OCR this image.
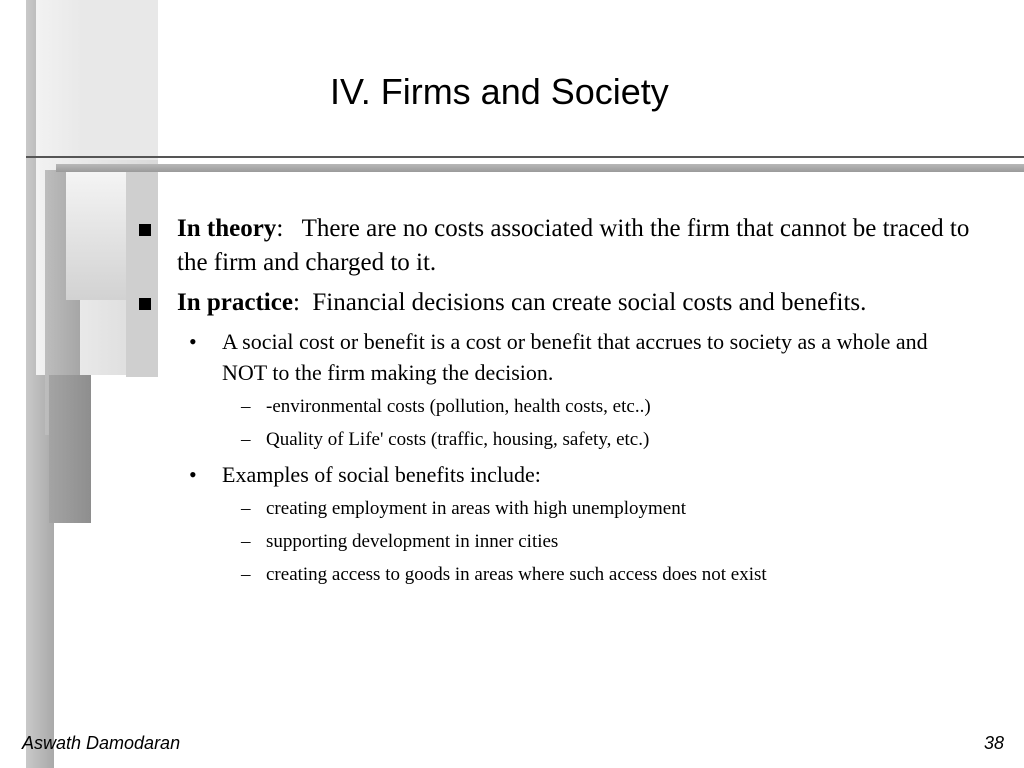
IV. Firms and Society
In theory:   There are no costs associated with the firm that cannot be traced to the firm and charged to it.
In practice:  Financial decisions can create social costs and benefits.
• A social cost or benefit is a cost or benefit that accrues to society as a whole and NOT to the firm making the decision.
– -environmental costs (pollution, health costs, etc..)
– Quality of Life' costs (traffic, housing, safety, etc.)
• Examples of social benefits include:
– creating employment in areas with high unemployment
– supporting development in inner cities
– creating access to goods in areas where such access does not exist
Aswath Damodaran	38
